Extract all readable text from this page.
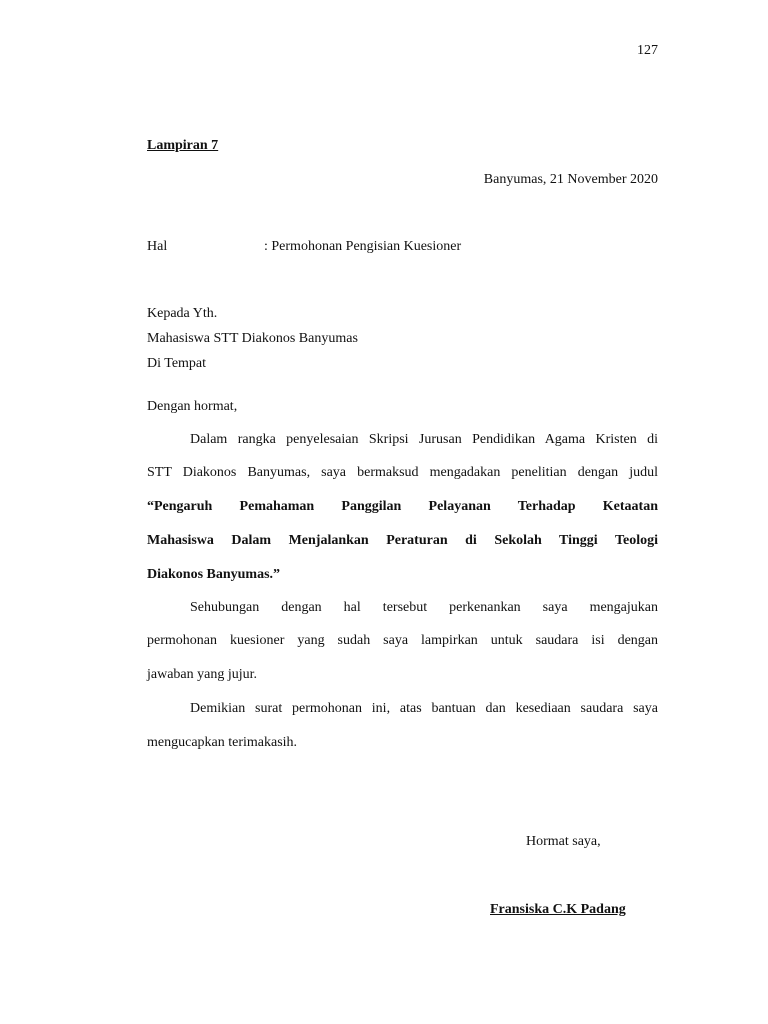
127
Lampiran 7
Banyumas, 21 November 2020
Hal	: Permohonan Pengisian Kuesioner
Kepada Yth.
Mahasiswa STT Diakonos Banyumas
Di Tempat
Dengan hormat,
Dalam rangka penyelesaian Skripsi Jurusan Pendidikan Agama Kristen di
STT Diakonos Banyumas, saya bermaksud mengadakan penelitian dengan judul
“Pengaruh Pemahaman Panggilan Pelayanan Terhadap Ketaatan
Mahasiswa Dalam Menjalankan Peraturan di Sekolah Tinggi Teologi
Diakonos Banyumas.”
Sehubungan dengan hal tersebut perkenankan saya mengajukan
permohonan kuesioner yang sudah saya lampirkan untuk saudara isi dengan
jawaban yang jujur.
Demikian surat permohonan ini, atas bantuan dan kesediaan saudara saya
mengucapkan terimakasih.
Hormat saya,
Fransiska C.K Padang
